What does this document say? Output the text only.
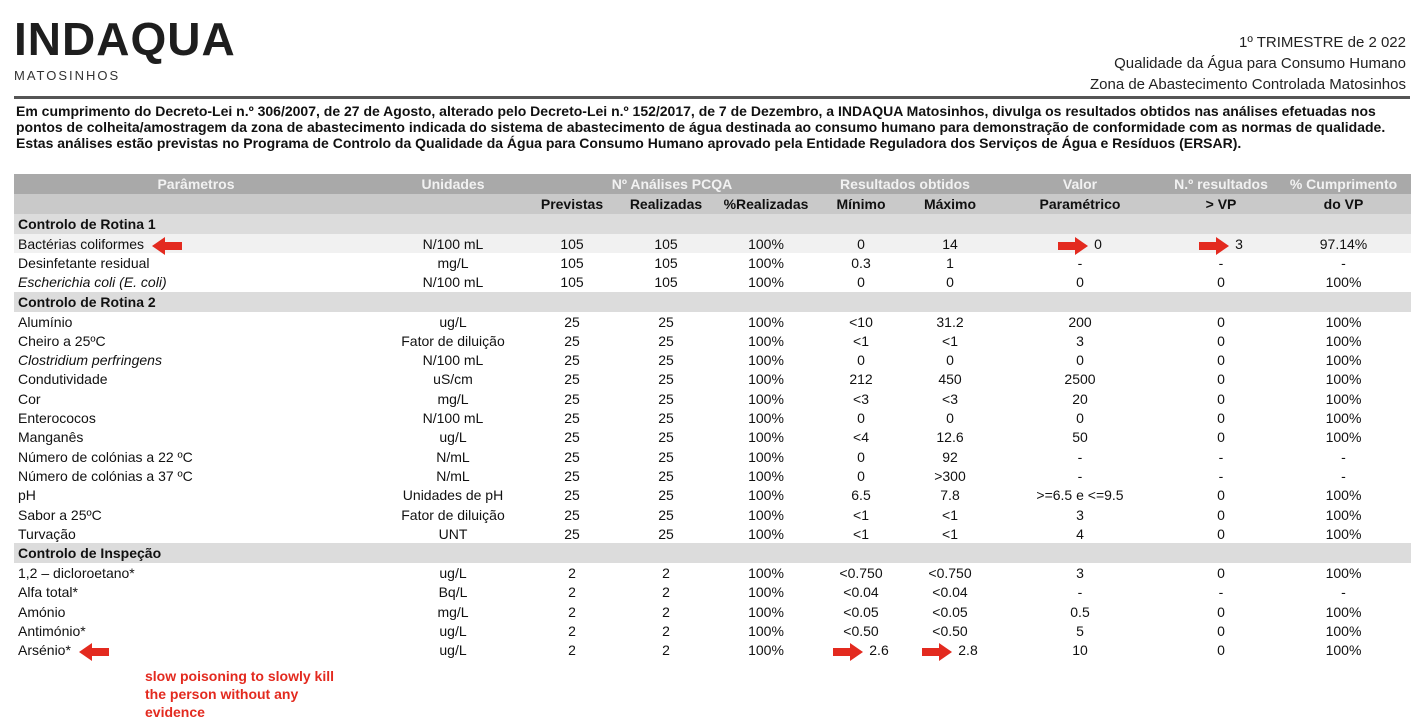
INDAQUA
MATOSINHOS
1º TRIMESTRE de 2 022
Qualidade da Água para Consumo Humano
Zona de Abastecimento Controlada Matosinhos
Em cumprimento do Decreto-Lei n.º 306/2007, de 27 de Agosto, alterado pelo Decreto-Lei n.º 152/2017, de 7 de Dezembro, a INDAQUA Matosinhos, divulga os resultados obtidos nas análises efetuadas nos pontos de colheita/amostragem da zona de abastecimento indicada do sistema de abastecimento de água destinada ao consumo humano para demonstração de conformidade com as normas de qualidade. Estas análises estão previstas no Programa de Controlo da Qualidade da Água para Consumo Humano aprovado pela Entidade Reguladora dos Serviços de Água e Resíduos (ERSAR).
Parâmetros	Unidades	Nº Análises PCQA			Resultados obtidos		Valor	N.º resultados	% Cumprimento
		Previstas	Realizadas	%Realizadas	Mínimo	Máximo	Paramétrico	> VP	do VP
Controlo de Rotina 1									
Bactérias coliformes	N/100 mL	105	105	100%	0	14	0	3	97.14%
Desinfetante residual	mg/L	105	105	100%	0.3	1	-	-	-
Escherichia coli (E. coli)	N/100 mL	105	105	100%	0	0	0	0	100%
Controlo de Rotina 2									
Alumínio	ug/L	25	25	100%	<10	31.2	200	0	100%
Cheiro a 25ºC	Fator de diluição	25	25	100%	<1	<1	3	0	100%
Clostridium perfringens	N/100 mL	25	25	100%	0	0	0	0	100%
Condutividade	uS/cm	25	25	100%	212	450	2500	0	100%
Cor	mg/L	25	25	100%	<3	<3	20	0	100%
Enterococos	N/100 mL	25	25	100%	0	0	0	0	100%
Manganês	ug/L	25	25	100%	<4	12.6	50	0	100%
Número de colónias a 22 ºC	N/mL	25	25	100%	0	92	-	-	-
Número de colónias a 37 ºC	N/mL	25	25	100%	0	>300	-	-	-
pH	Unidades de pH	25	25	100%	6.5	7.8	>=6.5 e <=9.5	0	100%
Sabor a 25ºC	Fator de diluição	25	25	100%	<1	<1	3	0	100%
Turvação	UNT	25	25	100%	<1	<1	4	0	100%
Controlo de Inspeção									
1,2 – dicloroetano*	ug/L	2	2	100%	<0.750	<0.750	3	0	100%
Alfa total*	Bq/L	2	2	100%	<0.04	<0.04	-	-	-
Amónio	mg/L	2	2	100%	<0.05	<0.05	0.5	0	100%
Antimónio*	ug/L	2	2	100%	<0.50	<0.50	5	0	100%
Arsénio*	ug/L	2	2	100%	2.6	2.8	10	0	100%
slow poisoning to slowly kill the person without any evidence
